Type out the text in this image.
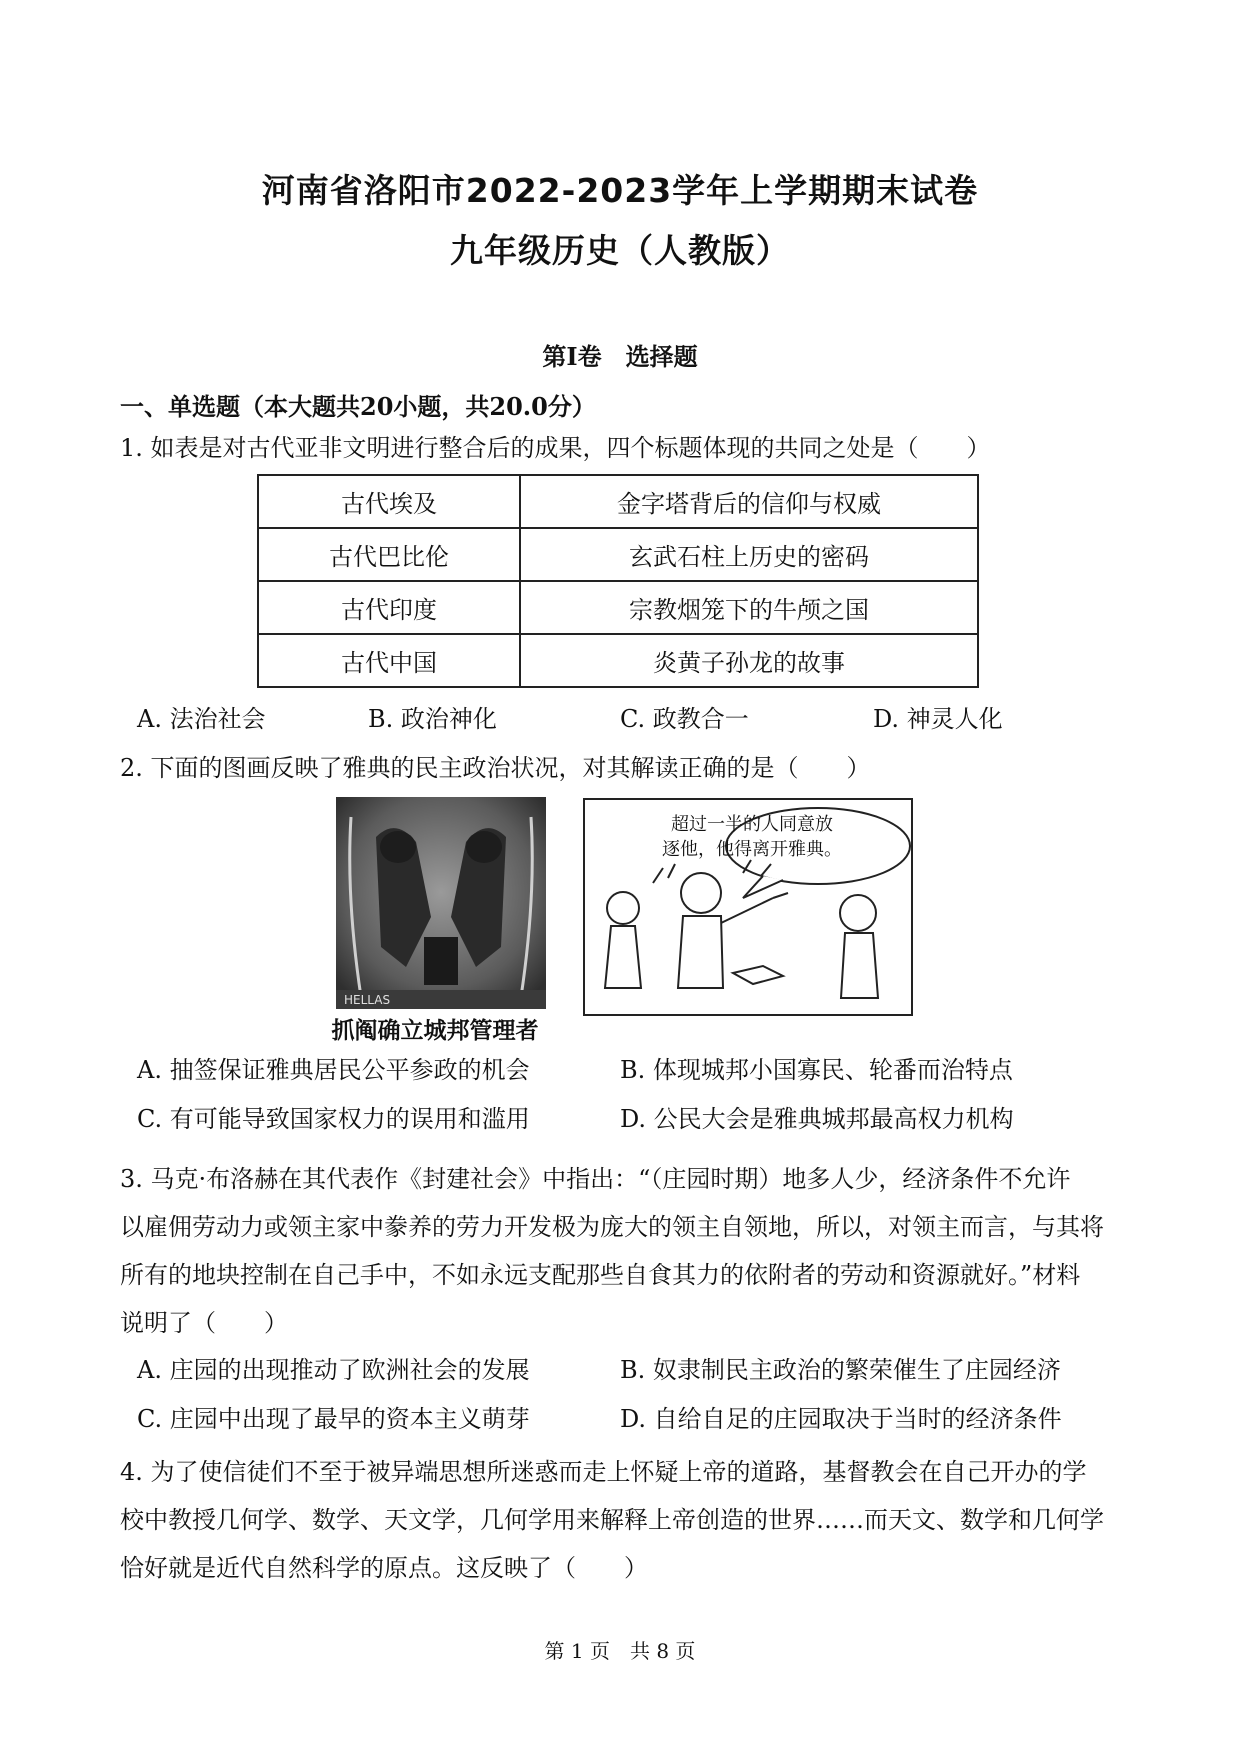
河南省洛阳市2022-2023学年上学期期末试卷
九年级历史（人教版）
第Ⅰ卷　选择题
一、单选题（本大题共20小题，共20.0分）
1. 如表是对古代亚非文明进行整合后的成果，四个标题体现的共同之处是（　　）
古代埃及	金字塔背后的信仰与权威
古代巴比伦	玄武石柱上历史的密码
古代印度	宗教烟笼下的牛颅之国
古代中国	炎黄子孙龙的故事
A. 法治社会	B. 政治神化	C. 政教合一	D. 神灵人化
2. 下面的图画反映了雅典的民主政治状况，对其解读正确的是（　　）
HELLAS
抓阄确立城邦管理者
超过一半的人同意放
逐他，他得离开雅典。
A. 抽签保证雅典居民公平参政的机会	B. 体现城邦小国寡民、轮番而治特点
C. 有可能导致国家权力的误用和滥用	D. 公民大会是雅典城邦最高权力机构
3. 马克·布洛赫在其代表作《封建社会》中指出：“（庄园时期）地多人少，经济条件不允许
以雇佣劳动力或领主家中豢养的劳力开发极为庞大的领主自领地，所以，对领主而言，与其将
所有的地块控制在自己手中，不如永远支配那些自食其力的依附者的劳动和资源就好。”材料
说明了（　　）
A. 庄园的出现推动了欧洲社会的发展	B. 奴隶制民主政治的繁荣催生了庄园经济
C. 庄园中出现了最早的资本主义萌芽	D. 自给自足的庄园取决于当时的经济条件
4. 为了使信徒们不至于被异端思想所迷惑而走上怀疑上帝的道路，基督教会在自己开办的学
校中教授几何学、数学、天文学，几何学用来解释上帝创造的世界……而天文、数学和几何学
恰好就是近代自然科学的原点。这反映了（　　）
第 1 页　共 8 页
